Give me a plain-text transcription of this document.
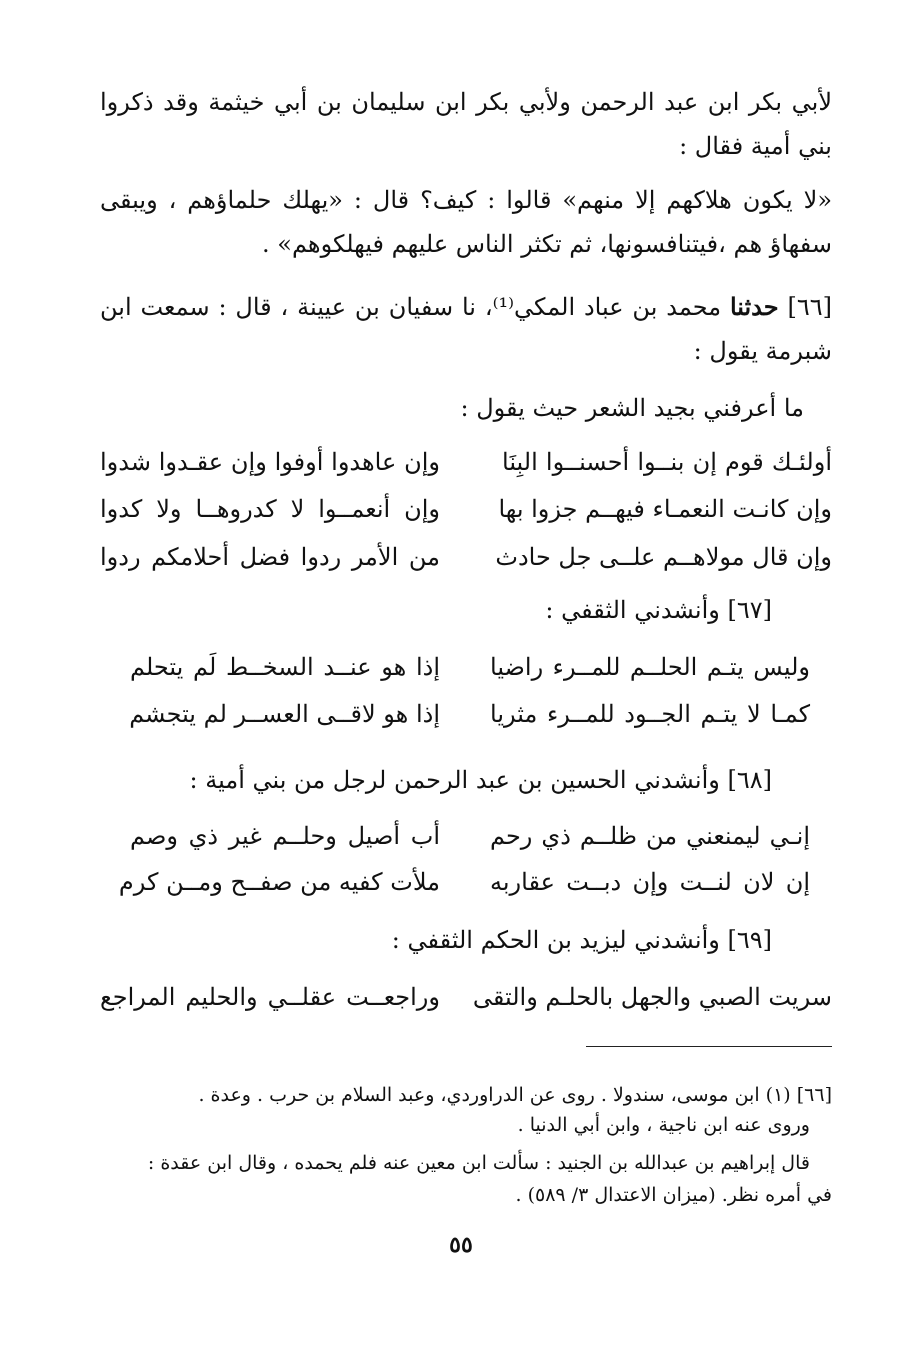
لأبي بكر ابن عبد الرحمن ولأبي بكر ابن سليمان بن أبي خيثمة وقد ذكروا بني أمية فقال :
«لا يكون هلاكهم إلا منهم» قالوا : كيف؟ قال : «يهلك حلماؤهم ، ويبقى سفهاؤ هم ،فيتنافسونها، ثم تكثر الناس عليهم فيهلكوهم» .
[٦٦] حدثنا محمد بن عباد المكي⁽¹⁾، نا سفيان بن عيينة ، قال : سمعت ابن شبرمة يقول :
ما أعرفني بجيد الشعر حيث يقول :
أولئـك قوم إن بنــوا أحسنــوا البِنَا
وإن عاهدوا أوفوا وإن عقـدوا شدوا
وإن كانـت النعمـاء فيهــم جزوا بها
وإن أنعمــوا لا كدروهــا ولا كدوا
وإن قال مولاهــم علــى جل حادث
من الأمر ردوا فضل أحلامكم ردوا
[٦٧] وأنشدني الثقفي :
وليس يتـم الحلــم للمــرء راضيا
إذا هو عنــد السخــط لَم يتحلم
كمـا لا يتـم الجــود للمــرء مثريا
إذا هو لاقــى العســر لم يتجشم
[٦٨] وأنشدني الحسين بن عبد الرحمن لرجل من بني أمية :
إنـي ليمنعني من ظلــم ذي رحم
أب أصيل وحلــم غير ذي وصم
إن لان لنــت وإن دبــت عقاربه
ملأت كفيه من صفــح ومــن كرم
[٦٩] وأنشدني ليزيد بن الحكم الثقفي :
سريت الصبي والجهل بالحلـم والتقى
وراجعــت عقلــي والحليم المراجع
[٦٦] (١) ابن موسى، سندولا . روى عن الدراوردي، وعبد السلام بن حرب . وعدة .
وروى عنه ابن ناجية ، وابن أبي الدنيا .
قال إبراهيم بن عبدالله بن الجنيد : سألت ابن معين عنه فلم يحمده ، وقال ابن عقدة :
في أمره نظر. (ميزان الاعتدال ٣/ ٥٨٩) .
٥٥
